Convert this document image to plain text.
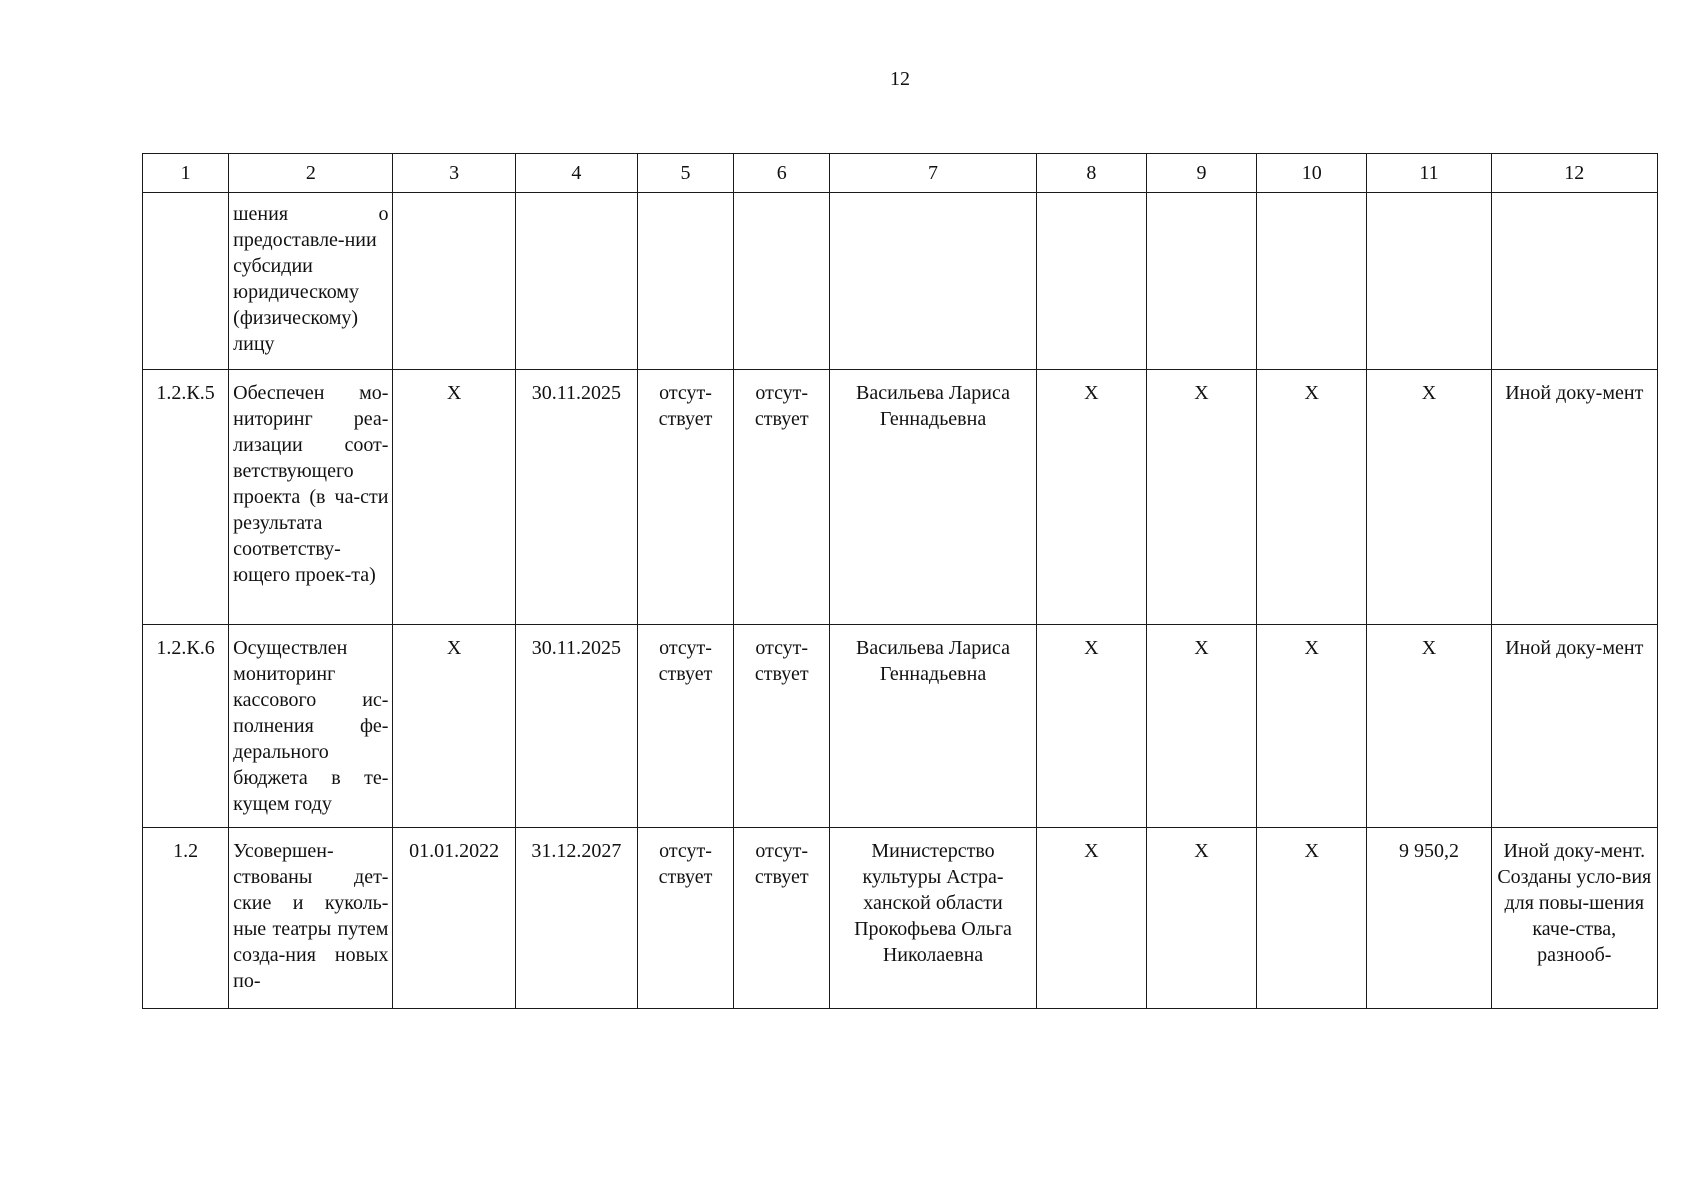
12
1	2	3	4	5	6	7	8	9	10	11	12
	шения о предоставле-нии субсидии юридическому (физическому) лицу										
1.2.К.5	Обеспечен мо-ниторинг реа-лизации соот-ветствующего проекта (в ча-сти результата соответству-ющего проек-та)	X	30.11.2025	отсут-ствует	отсут-ствует	Васильева Лариса Геннадьевна	X	X	X	X	Иной доку-мент
1.2.К.6	Осуществлен мониторинг кассового ис-полнения фе-дерального бюджета в те-кущем году	X	30.11.2025	отсут-ствует	отсут-ствует	Васильева Лариса Геннадьевна	X	X	X	X	Иной доку-мент
1.2	Усовершен-ствованы дет-ские и куколь-ные театры путем созда-ния новых по-	01.01.2022	31.12.2027	отсут-ствует	отсут-ствует	Министерство культуры Астра-ханской области Прокофьева Ольга Николаевна	X	X	X	9 950,2	Иной доку-мент. Созданы усло-вия для повы-шения каче-ства, разнооб-
